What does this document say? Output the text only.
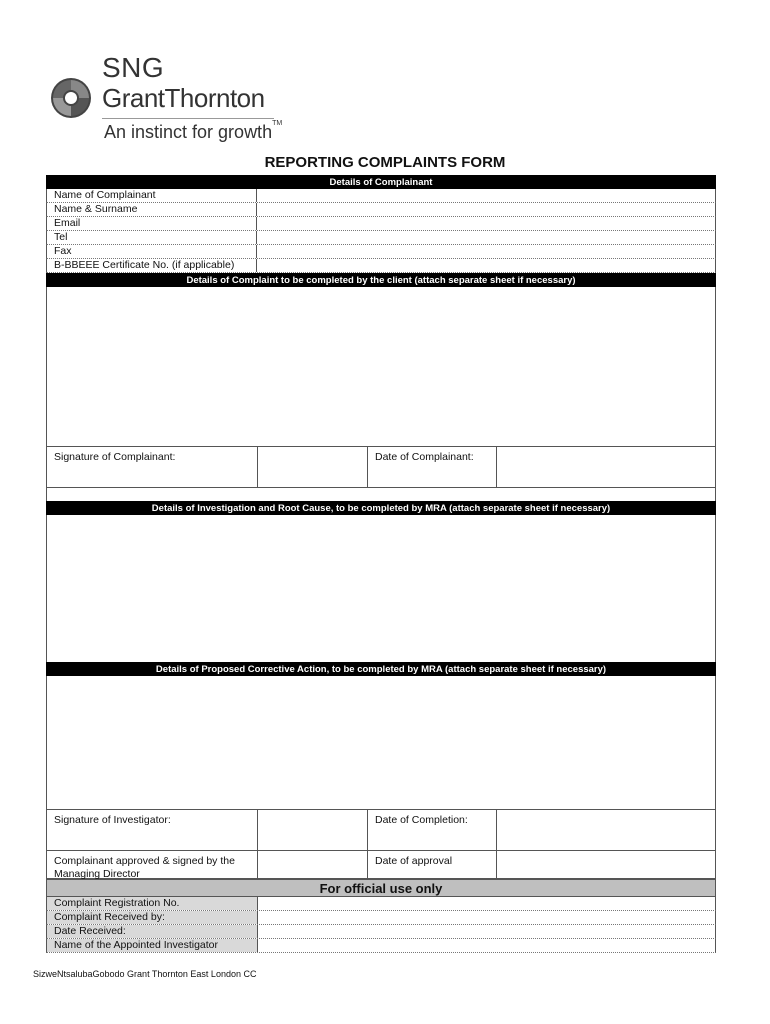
SNG
GrantThornton
An instinct for growth™
REPORTING COMPLAINTS FORM
Details of Complainant
Name of Complainant
Name & Surname
Email
Tel
Fax
B-BBEEE Certificate No. (if applicable)
Details of Complaint to be completed by the client (attach separate sheet if necessary)
Signature of Complainant:	Date of Complainant:
Details of Investigation and Root Cause, to be completed by MRA (attach separate sheet if necessary)
Details of Proposed Corrective Action, to be completed by MRA (attach separate sheet if necessary)
Signature of Investigator:	Date of Completion:
Complainant approved & signed by the Managing Director
Date of approval
For official use only
Complaint Registration No.
Complaint Received by:
Date Received:
Name of the Appointed Investigator
SizweNtsalubaGobodo Grant Thornton East London CC
